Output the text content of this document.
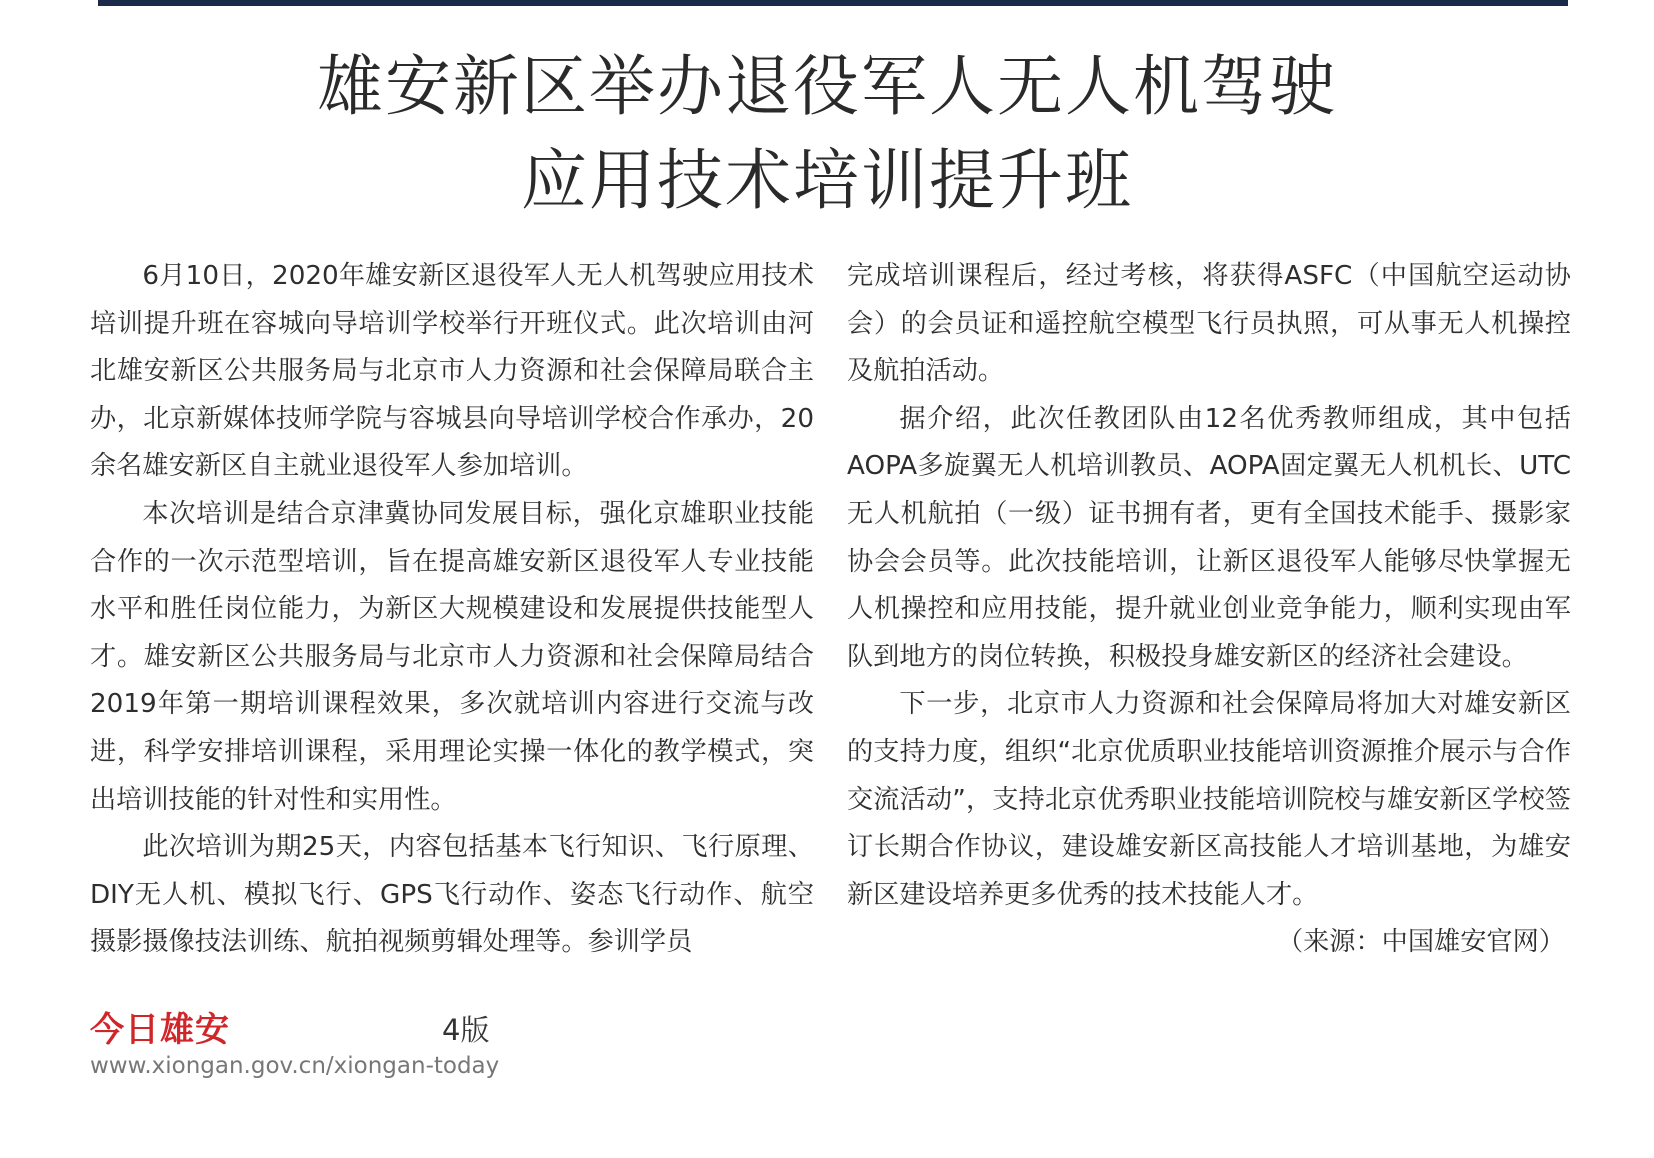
雄安新区举办退役军人无人机驾驶
应用技术培训提升班

6月10日，2020年雄安新区退役军人无人机驾驶应用技术培训提升班在容城向导培训学校举行开班仪式。此次培训由河北雄安新区公共服务局与北京市人力资源和社会保障局联合主办，北京新媒体技师学院与容城县向导培训学校合作承办，20余名雄安新区自主就业退役军人参加培训。

本次培训是结合京津冀协同发展目标，强化京雄职业技能合作的一次示范型培训，旨在提高雄安新区退役军人专业技能水平和胜任岗位能力，为新区大规模建设和发展提供技能型人才。雄安新区公共服务局与北京市人力资源和社会保障局结合2019年第一期培训课程效果，多次就培训内容进行交流与改进，科学安排培训课程，采用理论实操一体化的教学模式，突出培训技能的针对性和实用性。

此次培训为期25天，内容包括基本飞行知识、飞行原理、DIY无人机、模拟飞行、GPS飞行动作、姿态飞行动作、航空摄影摄像技法训练、航拍视频剪辑处理等。参训学员

完成培训课程后，经过考核，将获得ASFC（中国航空运动协会）的会员证和遥控航空模型飞行员执照，可从事无人机操控及航拍活动。

据介绍，此次任教团队由12名优秀教师组成，其中包括AOPA多旋翼无人机培训教员、AOPA固定翼无人机机长、UTC无人机航拍（一级）证书拥有者，更有全国技术能手、摄影家协会会员等。此次技能培训，让新区退役军人能够尽快掌握无人机操控和应用技能，提升就业创业竞争能力，顺利实现由军队到地方的岗位转换，积极投身雄安新区的经济社会建设。

下一步，北京市人力资源和社会保障局将加大对雄安新区的支持力度，组织“北京优质职业技能培训资源推介展示与合作交流活动”，支持北京优秀职业技能培训院校与雄安新区学校签订长期合作协议，建设雄安新区高技能人才培训基地，为雄安新区建设培养更多优秀的技术技能人才。

（来源：中国雄安官网）

今日雄安	4版
www.xiongan.gov.cn/xiongan-today
